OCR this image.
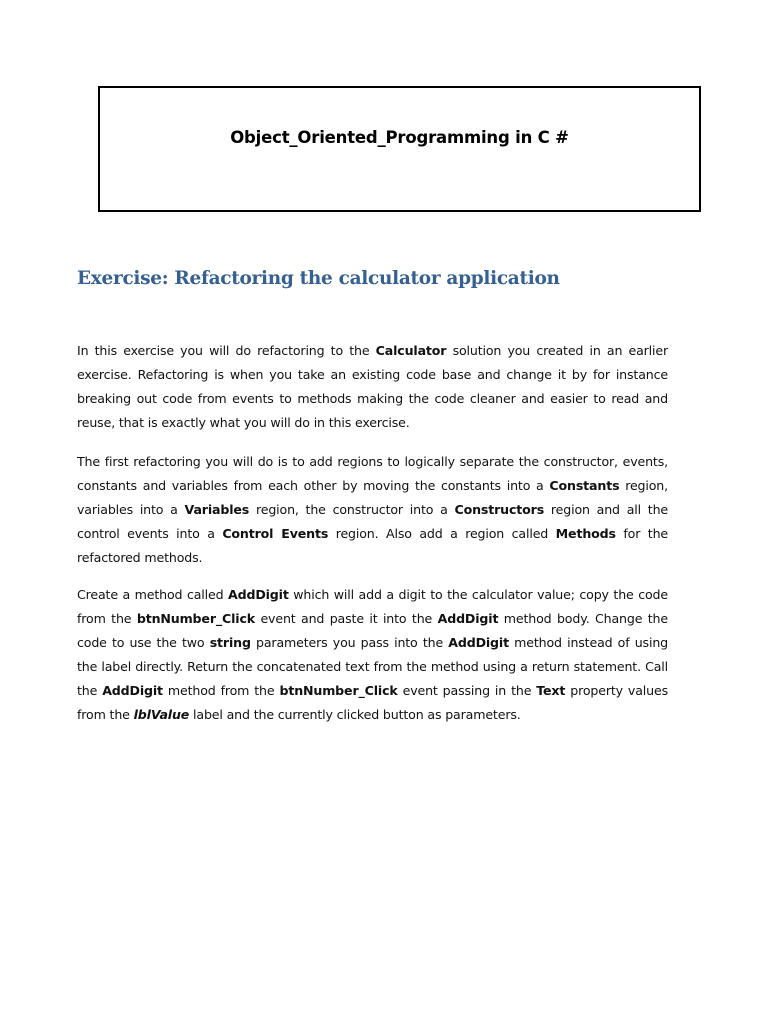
Object_Oriented_Programming in C #
Exercise: Refactoring the calculator application

In this exercise you will do refactoring to the Calculator solution you created in an earlier exercise. Refactoring is when you take an existing code base and change it by for instance breaking out code from events to methods making the code cleaner and easier to read and reuse, that is exactly what you will do in this exercise.

The first refactoring you will do is to add regions to logically separate the constructor, events, constants and variables from each other by moving the constants into a Constants region, variables into a Variables region, the constructor into a Constructors region and all the control events into a Control Events region. Also add a region called Methods for the refactored methods.

Create a method called AddDigit which will add a digit to the calculator value; copy the code from the btnNumber_Click event and paste it into the AddDigit method body. Change the code to use the two string parameters you pass into the AddDigit method instead of using the label directly. Return the concatenated text from the method using a return statement. Call the AddDigit method from the btnNumber_Click event passing in the Text property values from the lblValue label and the currently clicked button as parameters.
